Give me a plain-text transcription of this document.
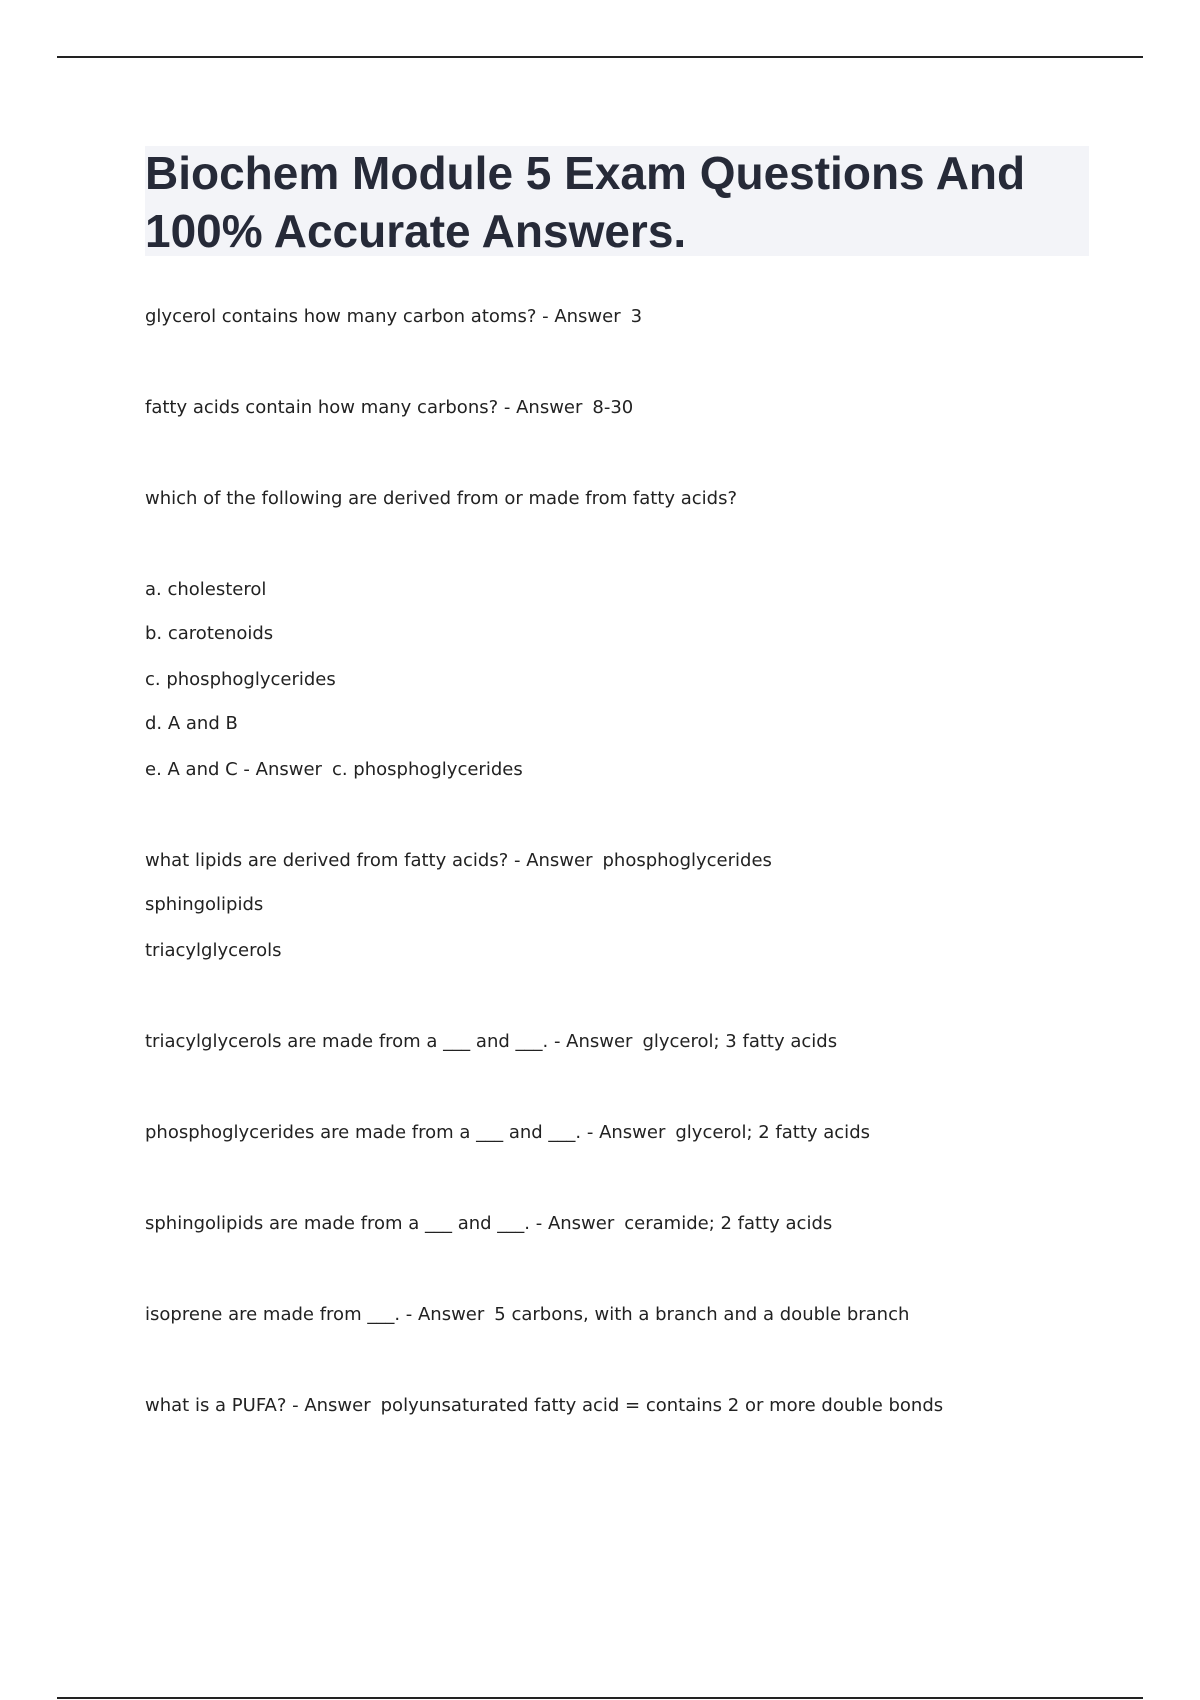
Biochem Module 5 Exam Questions And 100% Accurate Answers.
glycerol contains how many carbon atoms? - Answer 3
fatty acids contain how many carbons? - Answer 8-30
which of the following are derived from or made from fatty acids?
a. cholesterol
b. carotenoids
c. phosphoglycerides
d. A and B
e. A and C - Answer c. phosphoglycerides
what lipids are derived from fatty acids? - Answer phosphoglycerides
sphingolipids
triacylglycerols
triacylglycerols are made from a ___ and ___. - Answer glycerol; 3 fatty acids
phosphoglycerides are made from a ___ and ___. - Answer glycerol; 2 fatty acids
sphingolipids are made from a ___ and ___. - Answer ceramide; 2 fatty acids
isoprene are made from ___. - Answer 5 carbons, with a branch and a double branch
what is a PUFA? - Answer polyunsaturated fatty acid = contains 2 or more double bonds
